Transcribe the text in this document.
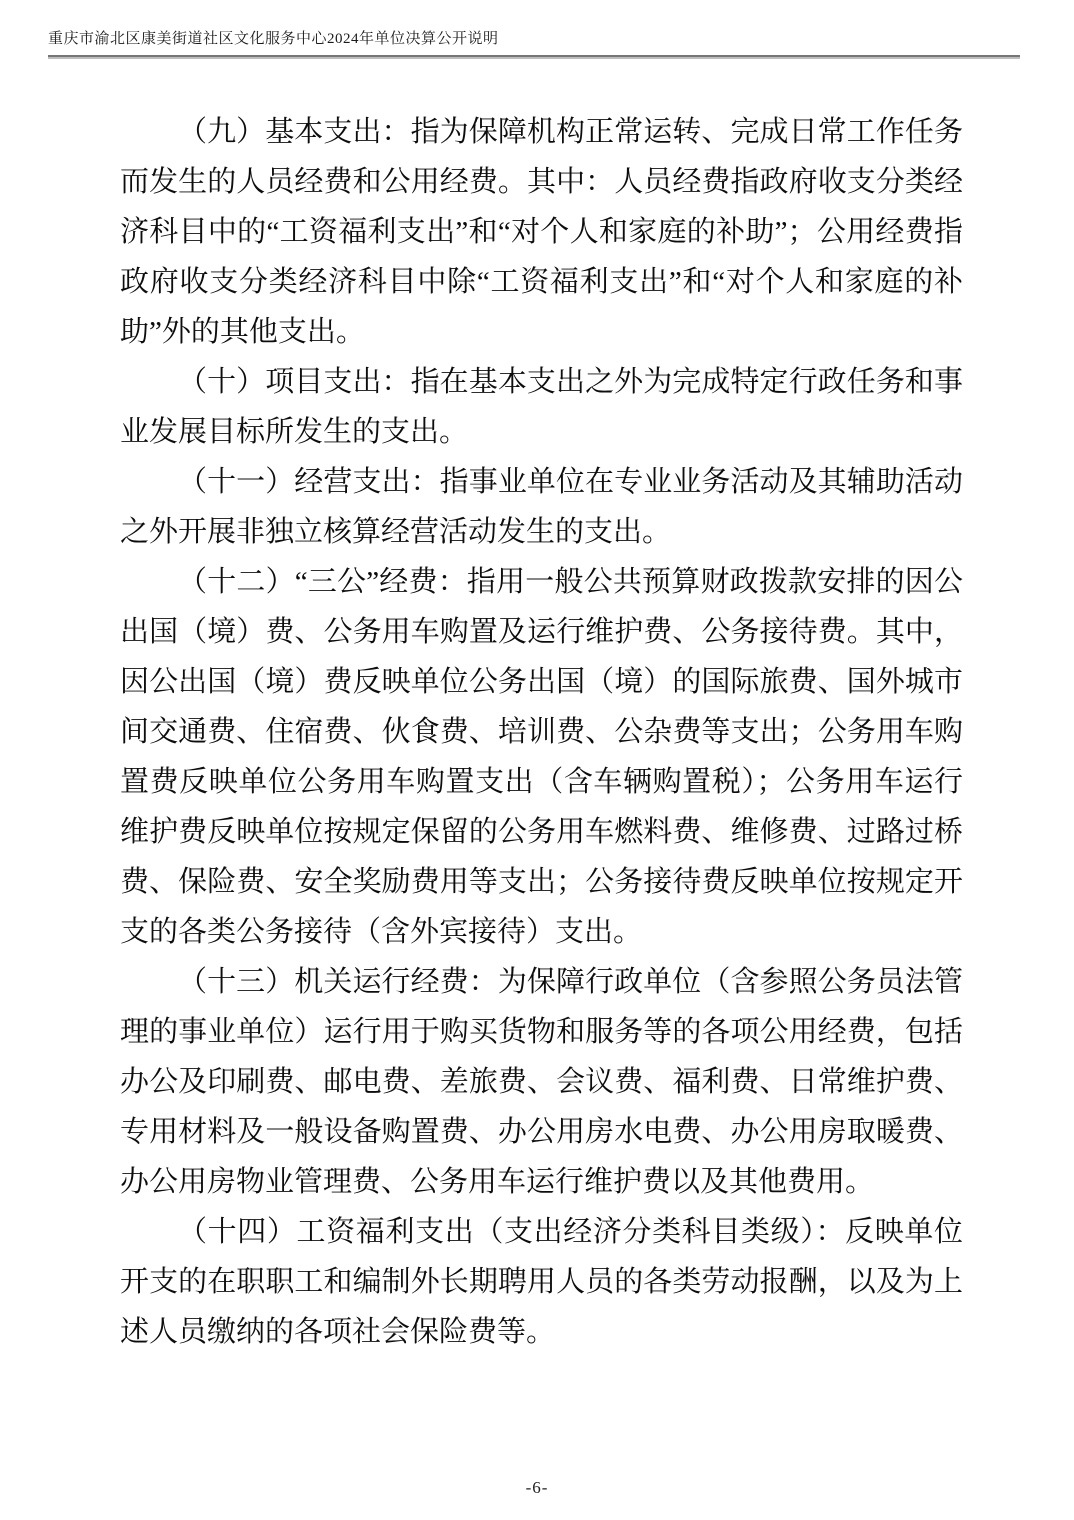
重庆市渝北区康美街道社区文化服务中心2024年单位决算公开说明

（九）基本支出：指为保障机构正常运转、完成日常工作任务而发生的人员经费和公用经费。其中：人员经费指政府收支分类经济科目中的“工资福利支出”和“对个人和家庭的补助”；公用经费指政府收支分类经济科目中除“工资福利支出”和“对个人和家庭的补助”外的其他支出。

（十）项目支出：指在基本支出之外为完成特定行政任务和事业发展目标所发生的支出。

（十一）经营支出：指事业单位在专业业务活动及其辅助活动之外开展非独立核算经营活动发生的支出。

（十二）“三公”经费：指用一般公共预算财政拨款安排的因公出国（境）费、公务用车购置及运行维护费、公务接待费。其中，因公出国（境）费反映单位公务出国（境）的国际旅费、国外城市间交通费、住宿费、伙食费、培训费、公杂费等支出；公务用车购置费反映单位公务用车购置支出（含车辆购置税）；公务用车运行维护费反映单位按规定保留的公务用车燃料费、维修费、过路过桥费、保险费、安全奖励费用等支出；公务接待费反映单位按规定开支的各类公务接待（含外宾接待）支出。

（十三）机关运行经费：为保障行政单位（含参照公务员法管理的事业单位）运行用于购买货物和服务等的各项公用经费，包括办公及印刷费、邮电费、差旅费、会议费、福利费、日常维护费、专用材料及一般设备购置费、办公用房水电费、办公用房取暖费、办公用房物业管理费、公务用车运行维护费以及其他费用。

（十四）工资福利支出（支出经济分类科目类级）：反映单位开支的在职职工和编制外长期聘用人员的各类劳动报酬，以及为上述人员缴纳的各项社会保险费等。

-6-
